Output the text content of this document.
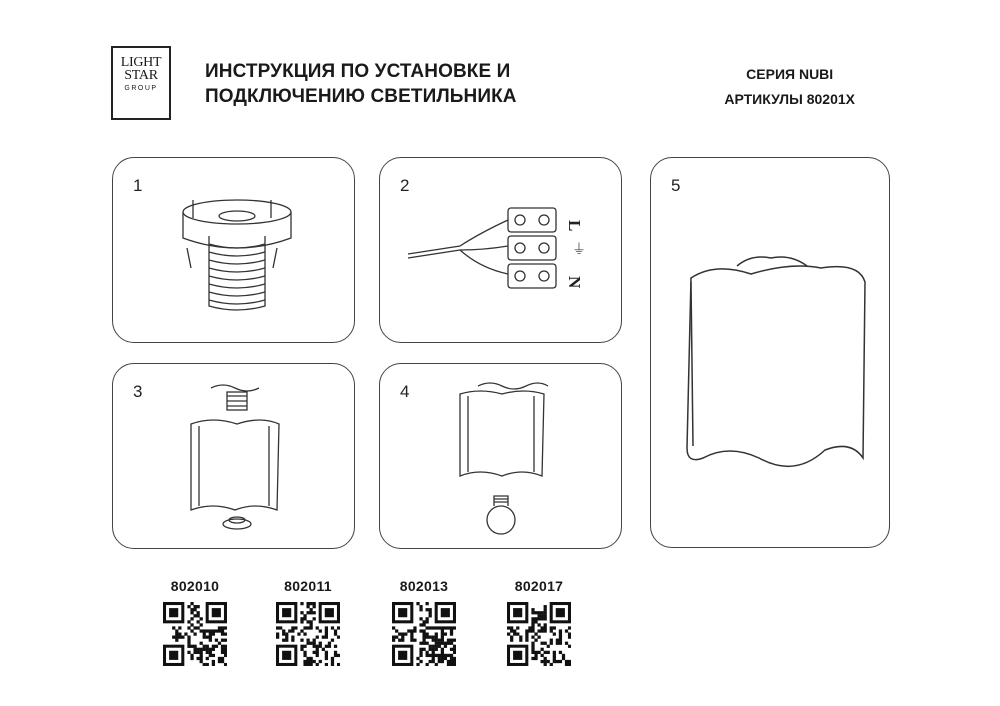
LIGHT
STAR
GROUP
ИНСТРУКЦИЯ ПО УСТАНОВКЕ И
ПОДКЛЮЧЕНИЮ СВЕТИЛЬНИКА
СЕРИЯ NUBI
АРТИКУЛЫ 80201X
1	2
L
⏚
N
3	4
5
802010	802011	802013	802017
